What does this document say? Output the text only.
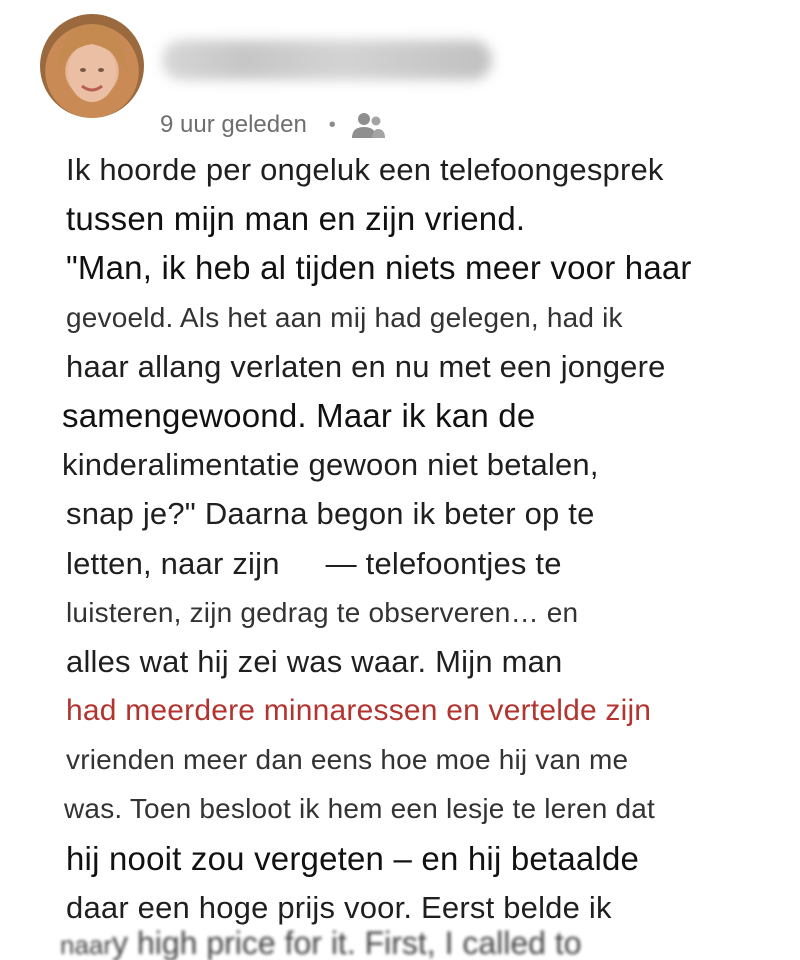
9 uur geleden •
Ik hoorde per ongeluk een telefoongesprek
tussen mijn man en zijn vriend.
"Man, ik heb al tijden niets meer voor haar
gevoeld. Als het aan mij had gelegen, had ik
haar allang verlaten en nu met een jongere
samengewoond. Maar ik kan de
kinderalimentatie gewoon niet betalen,
snap je?" Daarna begon ik beter op te
letten, naar zijn — telefoontjes te
luisteren, zijn gedrag te observeren… en
alles wat hij zei was waar. Mijn man
had meerdere minnaressen en vertelde zijn
vrienden meer dan eens hoe moe hij van me
was. Toen besloot ik hem een lesje te leren dat
hij nooit zou vergeten – en hij betaalde
daar een hoge prijs voor. Eerst belde ik
naary high price for it. First, I called to
